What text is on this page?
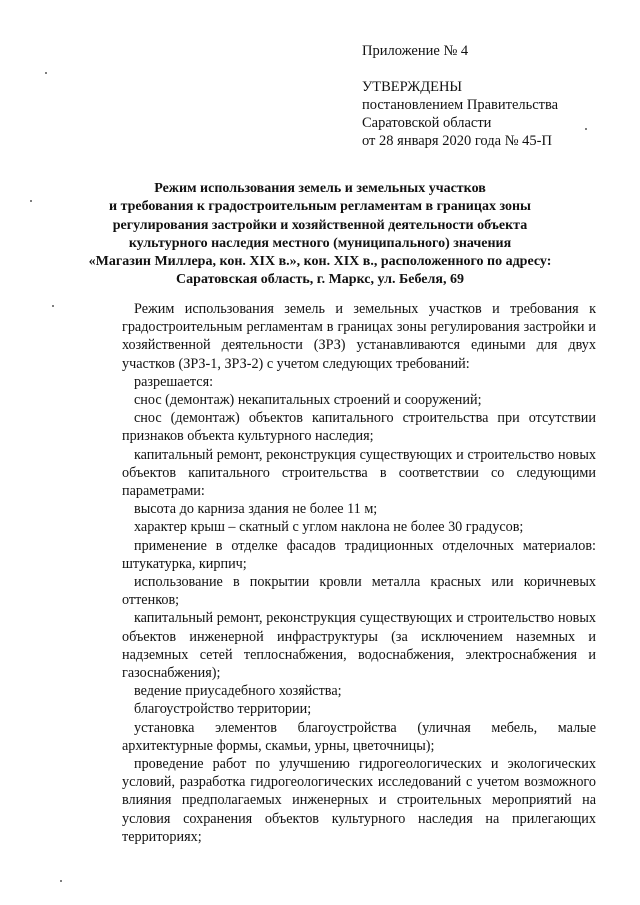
Приложение № 4
УТВЕРЖДЕНЫ
постановлением Правительства
Саратовской области
от 28 января 2020 года № 45-П
Режим использования земель и земельных участков
и требования к градостроительным регламентам в границах зоны
регулирования застройки и хозяйственной деятельности объекта
культурного наследия местного (муниципального) значения
«Магазин Миллера, кон. XIX в.», кон. XIX в., расположенного по адресу:
Саратовская область, г. Маркс, ул. Бебеля, 69

Режим использования земель и земельных участков и требования к градостроительным регламентам в границах зоны регулирования застройки и хозяйственной деятельности (ЗРЗ) устанавливаются едиными для двух участков (ЗРЗ-1, ЗРЗ-2) с учетом следующих требований:

разрешается:

снос (демонтаж) некапитальных строений и сооружений;

снос (демонтаж) объектов капитального строительства при отсутствии признаков объекта культурного наследия;

капитальный ремонт, реконструкция существующих и строительство новых объектов капитального строительства в соответствии со следующими параметрами:

высота до карниза здания не более 11 м;

характер крыш – скатный с углом наклона не более 30 градусов;

применение в отделке фасадов традиционных отделочных материалов: штукатурка, кирпич;

использование в покрытии кровли металла красных или коричневых оттенков;

капитальный ремонт, реконструкция существующих и строительство новых объектов инженерной инфраструктуры (за исключением наземных и надземных сетей теплоснабжения, водоснабжения, электроснабжения и газоснабжения);

ведение приусадебного хозяйства;

благоустройство территории;

установка элементов благоустройства (уличная мебель, малые архитектурные формы, скамьи, урны, цветочницы);

проведение работ по улучшению гидрогеологических и экологических условий, разработка гидрогеологических исследований с учетом возможного влияния предполагаемых инженерных и строительных мероприятий на условия сохранения объектов культурного наследия на прилегающих территориях;
